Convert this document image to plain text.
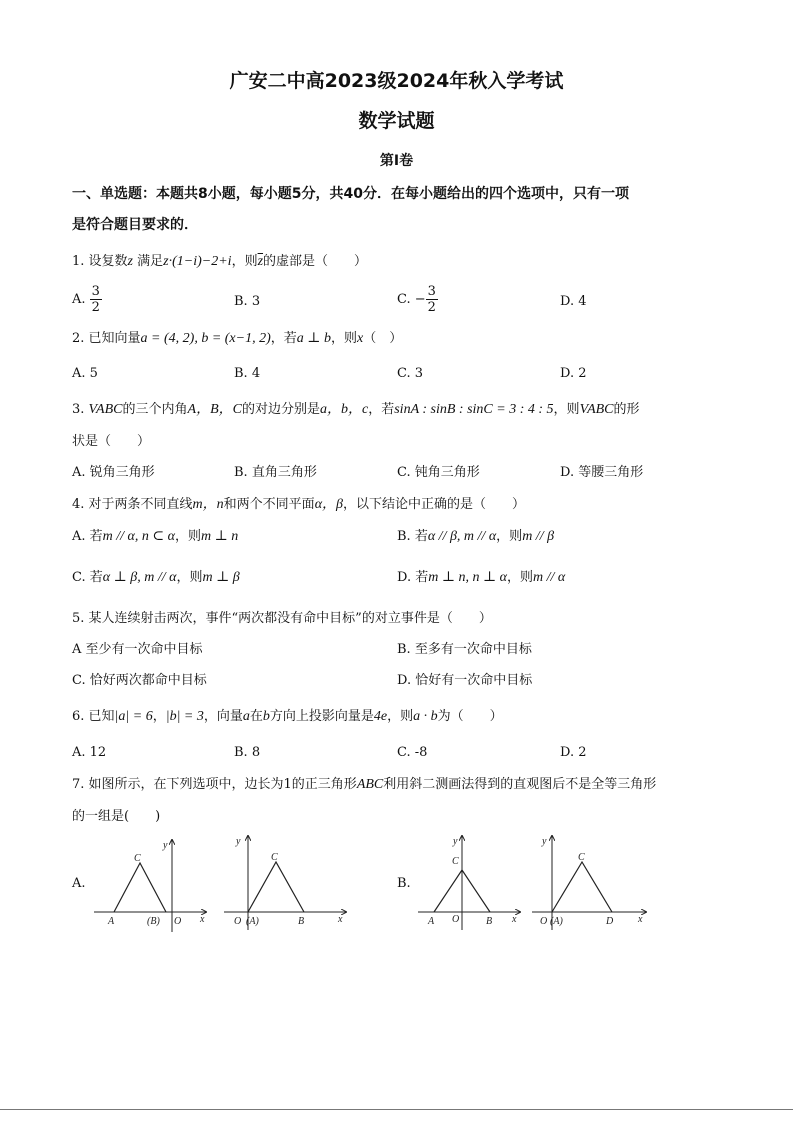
广安二中高2023级2024年秋入学考试
数学试题
第Ⅰ卷
一、单选题：本题共8小题，每小题5分，共40分．在每小题给出的四个选项中，只有一项
是符合题目要求的．
1. 设复数z 满足z·(1−i)−2+i，则$\overline{z}$的虚部是（　　）
A. $\frac{3}{2}$	B. 3	C. − $\frac{3}{2}$	D. 4
2. 已知向量a = (4, 2), b = (x−1, 2)，若a ⊥ b，则x（　）
A. 5	B. 4	C. 3	D. 2
3. VABC的三个内角A，B，C的对边分别是a，b，c，若sinA : sinB : sinC = 3 : 4 : 5，则VABC的形
状是（　　）
A. 锐角三角形	B. 直角三角形	C. 钝角三角形	D. 等腰三角形
4. 对于两条不同直线m，n和两个不同平面α，β，以下结论中正确的是（　　）
A. 若m // α, n ⊂ α，则m ⊥ n	B. 若α // β, m // α，则m // β
C. 若α ⊥ β, m // α，则m ⊥ β	D. 若m ⊥ n, n ⊥ α，则m // α
5. 某人连续射击两次，事件“两次都没有命中目标”的对立事件是（　　）
A 至少有一次命中目标	B. 至多有一次命中目标
C. 恰好两次都命中目标	D. 恰好有一次命中目标
6. 已知|a| = 6，|b| = 3，向量a在b方向上投影向量是4e，则a · b为（　　）
A. 12	B. 8	C. -8	D. 2
7. 如图所示，在下列选项中，边长为1的正三角形ABC利用斜二测画法得到的直观图后不是全等三角形
的一组是(　　)
A.	B.
y
C
A	(B) O x
y
C
O (A)	B	x
y
C
A O	B x
y
C
O (A)	D x
